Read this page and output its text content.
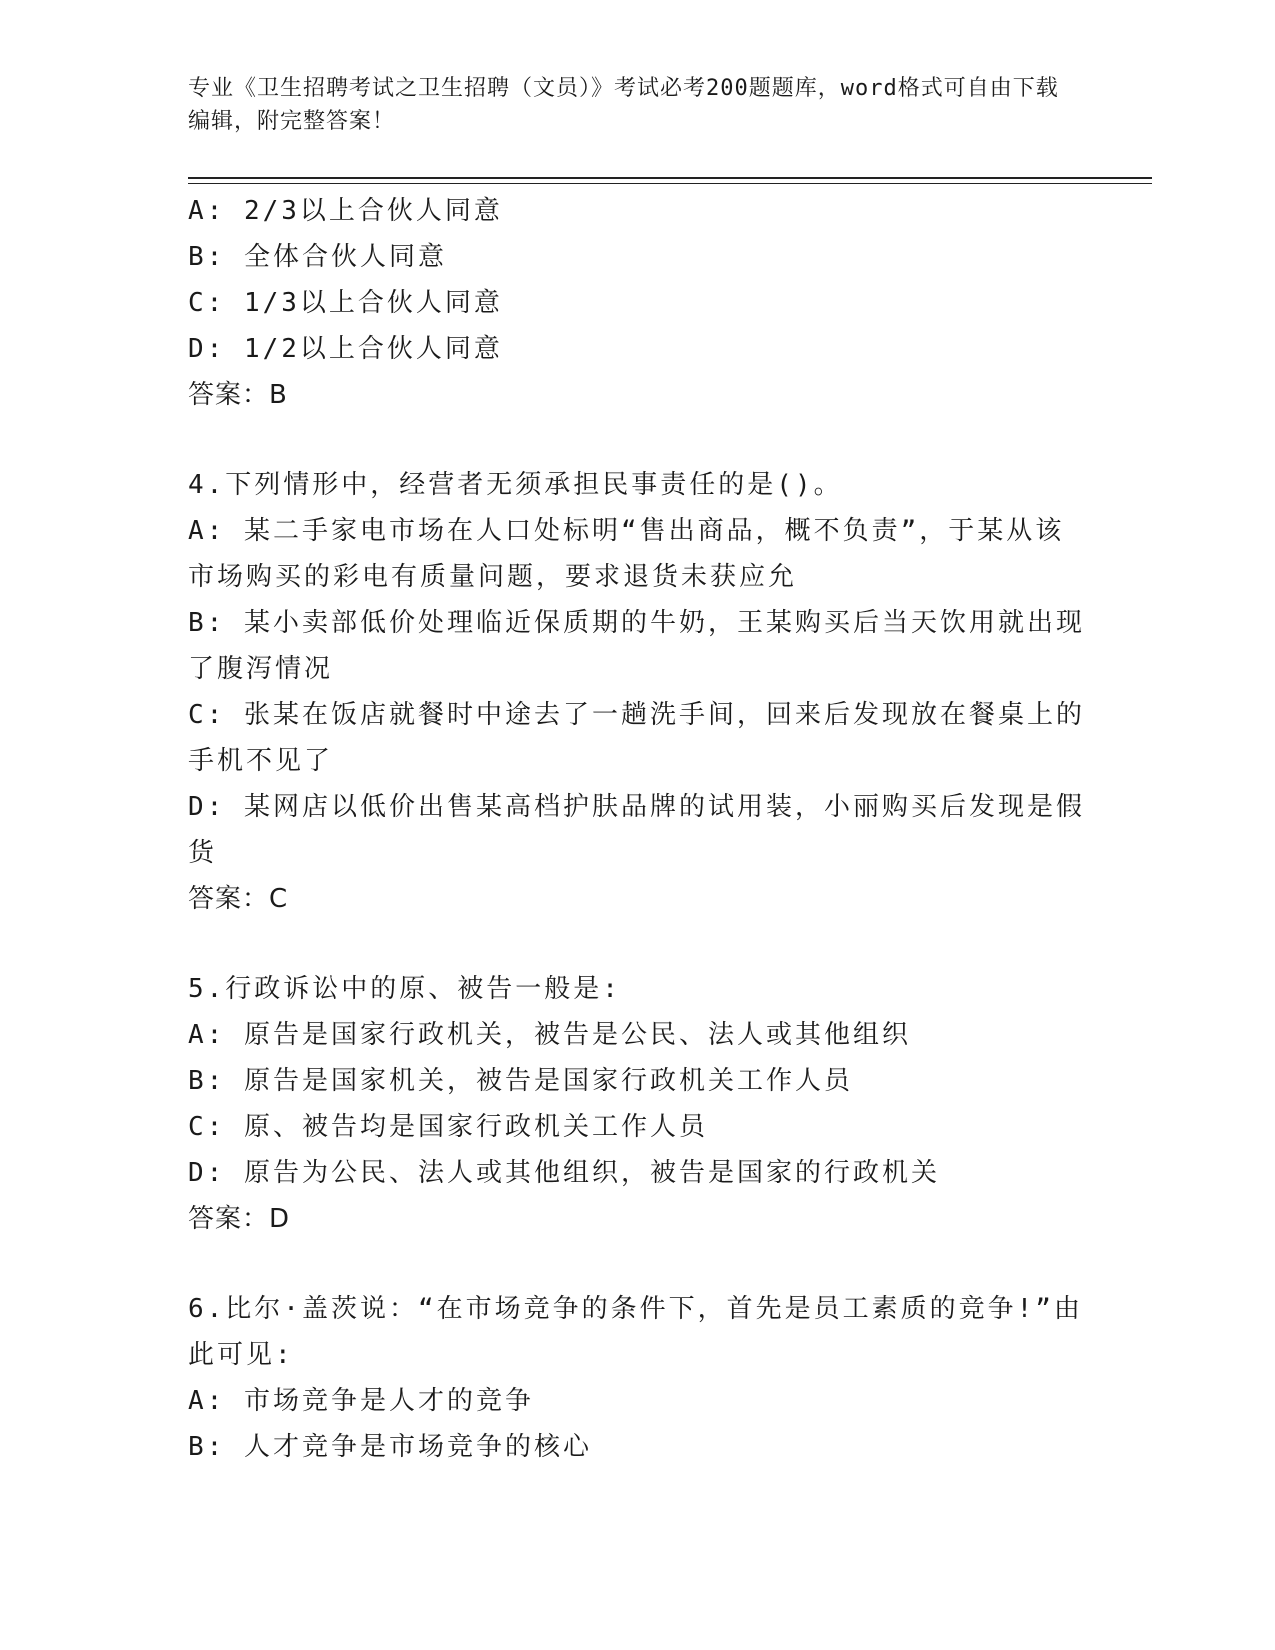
专业《卫生招聘考试之卫生招聘（文员）》考试必考200题题库，word格式可自由下载编辑，附完整答案！

A: 2/3以上合伙人同意

B: 全体合伙人同意

C: 1/3以上合伙人同意

D: 1/2以上合伙人同意

答案：B

4.下列情形中，经营者无须承担民事责任的是()。

A: 某二手家电市场在人口处标明“售出商品，概不负责”，于某从该市场购买的彩电有质量问题，要求退货未获应允

B: 某小卖部低价处理临近保质期的牛奶，王某购买后当天饮用就出现了腹泻情况

C: 张某在饭店就餐时中途去了一趟洗手间，回来后发现放在餐桌上的手机不见了

D: 某网店以低价出售某高档护肤品牌的试用装，小丽购买后发现是假货

答案：C

5.行政诉讼中的原、被告一般是:

A: 原告是国家行政机关，被告是公民、法人或其他组织

B: 原告是国家机关，被告是国家行政机关工作人员

C: 原、被告均是国家行政机关工作人员

D: 原告为公民、法人或其他组织，被告是国家的行政机关

答案：D

6.比尔·盖茨说：“在市场竞争的条件下，首先是员工素质的竞争!”由此可见:

A: 市场竞争是人才的竞争

B: 人才竞争是市场竞争的核心
